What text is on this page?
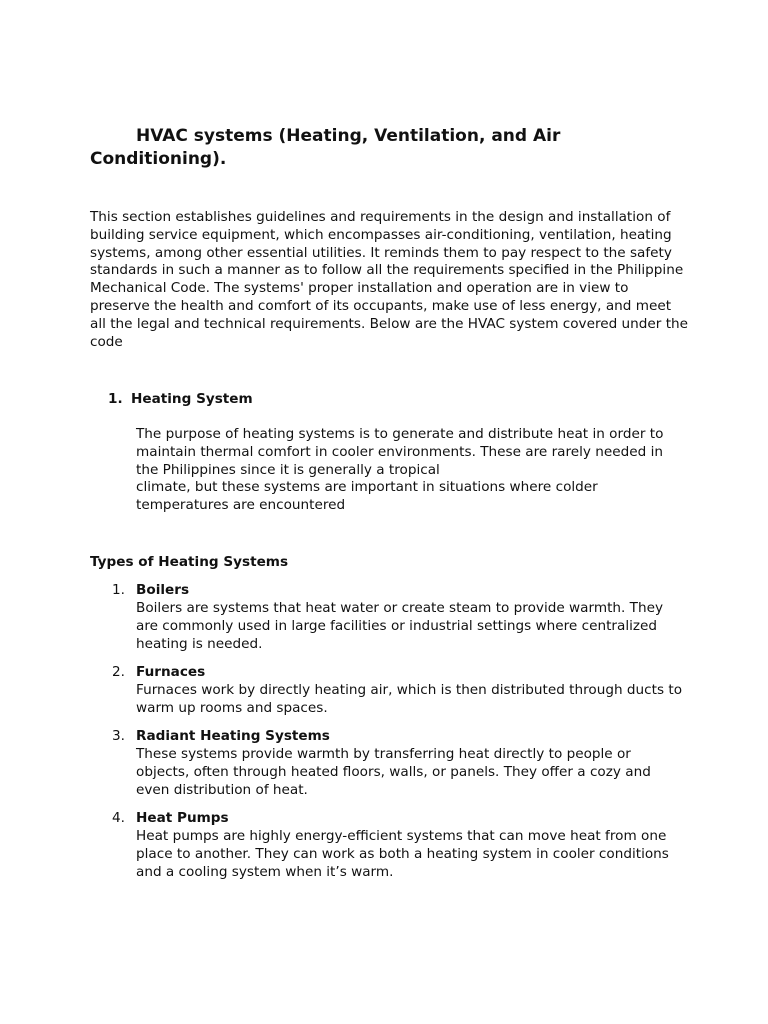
HVAC systems (Heating, Ventilation, and Air Conditioning).

This section establishes guidelines and requirements in the design and installation of building service equipment, which encompasses air-conditioning, ventilation, heating systems, among other essential utilities. It reminds them to pay respect to the safety standards in such a manner as to follow all the requirements specified in the Philippine Mechanical Code. The systems' proper installation and operation are in view to preserve the health and comfort of its occupants, make use of less energy, and meet all the legal and technical requirements. Below are the HVAC system covered under the code

1. Heating System
The purpose of heating systems is to generate and distribute heat in order to maintain thermal comfort in cooler environments. These are rarely needed in the Philippines since it is generally a tropical
climate, but these systems are important in situations where colder temperatures are encountered
Types of Heating Systems
1. Boilers
Boilers are systems that heat water or create steam to provide warmth. They are commonly used in large facilities or industrial settings where centralized heating is needed.
2. Furnaces
Furnaces work by directly heating air, which is then distributed through ducts to warm up rooms and spaces.
3. Radiant Heating Systems
These systems provide warmth by transferring heat directly to people or objects, often through heated floors, walls, or panels. They offer a cozy and even distribution of heat.
4. Heat Pumps
Heat pumps are highly energy-efficient systems that can move heat from one place to another. They can work as both a heating system in cooler conditions and a cooling system when it’s warm.
